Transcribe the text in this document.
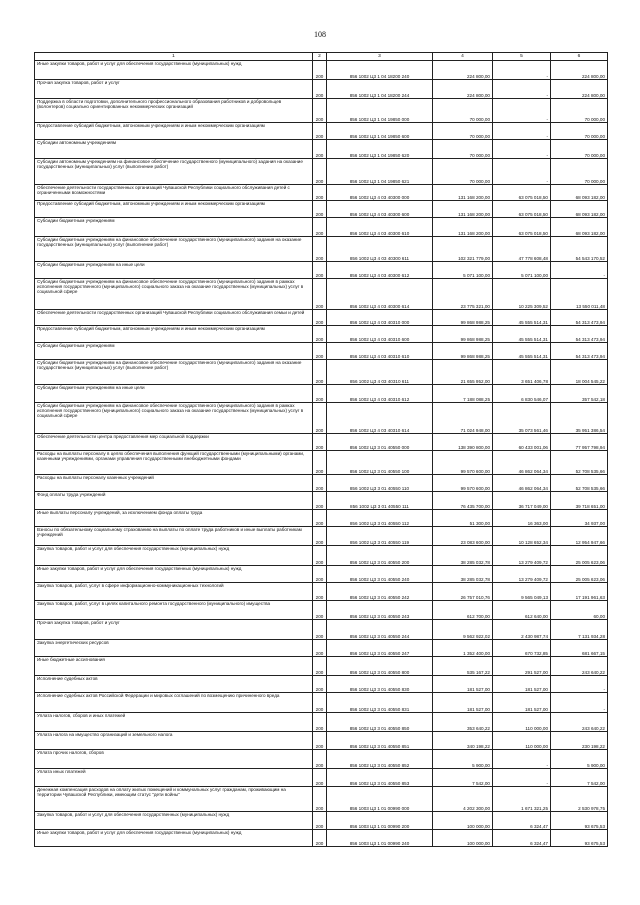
108
1	2	3	4	5	6

Иные закупки товаров, работ и услуг для обеспечения государственных (муниципальных) нужд	200	856 1002 Ц3 1 04 18200 240	224 800,00	-	224 800,00

Прочая закупка товаров, работ и услуг	200	856 1002 Ц3 1 04 18200 244	224 800,00	-	224 800,00

Поддержка в области подготовки, дополнительного профессионального образования работников и добровольцев (волонтеров) социально ориентированных некоммерческих организаций	200	856 1002 Ц3 1 04 19850 000	70 000,00	-	70 000,00

Предоставление субсидий бюджетным, автономным учреждениям и иным некоммерческим организациям	200	856 1002 Ц3 1 04 19850 600	70 000,00	-	70 000,00

Субсидии автономным учреждениям	200	856 1002 Ц3 1 04 19850 620	70 000,00	-	70 000,00

Субсидии автономным учреждениям на финансовое обеспечение государственного (муниципального) задания на оказание государственных (муниципальных) услуг (выполнение работ)	200	856 1002 Ц3 1 04 19850 621	70 000,00	-	70 000,00

Обеспечение деятельности государственных организаций Чувашской Республики социального обслуживания детей с ограниченными возможностями	200	856 1002 Ц3 4 03 40300 000	131 168 200,00	63 075 018,50	68 093 182,00

Предоставление субсидий бюджетным, автономным учреждениям и иным некоммерческим организациям	200	856 1002 Ц3 4 03 40300 600	131 168 200,00	63 075 018,50	68 093 182,00

Субсидии бюджетным учреждениям	200	856 1002 Ц3 4 03 40300 610	131 168 200,00	63 075 018,50	68 093 182,00

Субсидии бюджетным учреждениям на финансовое обеспечение государственного (муниципального) задания на оказание государственных (муниципальных) услуг (выполнение работ)	200	856 1002 Ц3 4 03 40300 611	102 321 779,00	47 778 608,48	54 543 170,52

Субсидии бюджетным учреждениям на иные цели	200	856 1002 Ц3 4 03 40300 612	5 071 100,00	5 071 100,00	-

Субсидии бюджетным учреждениям на финансовое обеспечение государственного (муниципального) задания в рамках исполнения государственного (муниципального) социального заказа на оказание государственных (муниципальных) услуг в социальной сфере	200	856 1002 Ц3 4 03 40300 614	23 775 321,00	10 225 309,52	13 550 011,48

Обеспечение деятельности государственных организаций Чувашской Республики социального обслуживания семьи и детей	200	856 1002 Ц3 4 03 40310 000	99 868 988,25	45 555 514,31	54 313 473,94

Предоставление субсидий бюджетным, автономным учреждениям и иным некоммерческим организациям	200	856 1002 Ц3 4 03 40310 600	99 868 988,25	45 555 514,31	54 313 473,94

Субсидии бюджетным учреждениям	200	856 1002 Ц3 4 03 40310 610	99 868 988,25	45 555 514,31	54 313 473,94

Субсидии бюджетным учреждениям на финансовое обеспечение государственного (муниципального) задания на оказание государственных (муниципальных) услуг (выполнение работ)	200	856 1002 Ц3 4 03 40310 611	21 655 952,00	3 651 406,78	18 004 545,22

Субсидии бюджетным учреждениям на иные цели	200	856 1002 Ц3 4 03 40310 612	7 188 088,25	6 830 546,07	357 542,18

Субсидии бюджетным учреждениям на финансовое обеспечение государственного (муниципального) задания в рамках исполнения государственного (муниципального) социального заказа на оказание государственных (муниципальных) услуг в социальной сфере	200	856 1002 Ц3 4 03 40310 614	71 024 948,00	35 073 561,46	35 951 386,54

Обеспечение деятельности центра предоставления мер социальной поддержки	200	856 1002 Ц3 3 01 40550 000	138 390 800,00	60 433 001,06	77 957 798,94

Расходы на выплаты персоналу в целях обеспечения выполнения функций государственными (муниципальными) органами, казенными учреждениями, органами управления государственными внебюджетными фондами	200	856 1002 Ц3 3 01 40550 100	99 570 600,00	46 862 064,34	52 708 535,66

Расходы на выплаты персоналу казенных учреждений	200	856 1002 Ц3 3 01 40550 110	99 570 600,00	46 862 064,34	52 708 535,66

Фонд оплаты труда учреждений	200	856 1002 Ц3 3 01 40550 111	76 435 700,00	36 717 049,00	39 718 651,00

Иные выплаты персоналу учреждений, за исключением фонда оплаты труда	200	856 1002 Ц3 3 01 40550 112	51 300,00	16 363,00	34 937,00

Взносы по обязательному социальному страхованию на выплаты по оплате труда работников и иные выплаты работникам учреждений	200	856 1002 Ц3 3 01 40550 119	23 083 600,00	10 128 652,34	12 954 947,66

Закупка товаров, работ и услуг для обеспечения государственных (муниципальных) нужд	200	856 1002 Ц3 3 01 40550 200	38 285 032,78	13 279 409,72	25 005 623,06

Иные закупки товаров, работ и услуг для обеспечения государственных (муниципальных) нужд	200	856 1002 Ц3 3 01 40550 240	38 285 032,78	13 279 409,72	25 005 623,06

Закупка товаров, работ, услуг в сфере информационно-коммуникационных технологий	200	856 1002 Ц3 3 01 40550 242	26 757 010,76	9 565 049,13	17 191 961,63

Закупка товаров, работ, услуг в целях капитального ремонта государственного (муниципального) имущества	200	856 1002 Ц3 3 01 40550 243	612 700,00	612 640,00	60,00

Прочая закупка товаров, работ и услуг	200	856 1002 Ц3 3 01 40550 244	9 562 922,02	2 430 987,74	7 131 934,28

Закупка энергетических ресурсов	200	856 1002 Ц3 3 01 40550 247	1 352 400,00	670 732,85	681 667,15

Иные бюджетные ассигнования	200	856 1002 Ц3 3 01 40550 800	535 167,22	291 527,00	243 640,22

Исполнение судебных актов	200	856 1002 Ц3 3 01 40550 830	181 527,00	181 527,00	-

Исполнение судебных актов Российской Федерации и мировых соглашений по возмещению причиненного вреда	200	856 1002 Ц3 3 01 40550 831	181 527,00	181 527,00	-

Уплата налогов, сборов и иных платежей	200	856 1002 Ц3 3 01 40550 850	353 640,22	110 000,00	243 640,22

Уплата налога на имущество организаций и земельного налога	200	856 1002 Ц3 3 01 40550 851	340 198,22	110 000,00	230 198,22

Уплата прочих налогов, сборов	200	856 1002 Ц3 3 01 40550 852	5 900,00	-	5 900,00

Уплата иных платежей	200	856 1002 Ц3 3 01 40550 853	7 542,00	-	7 542,00

Денежная компенсация расходов на оплату жилых помещений и коммунальных услуг гражданам, проживающим на территории Чувашской Республики, имеющим статус "дети войны"	200	856 1003 Ц3 1 01 00990 000	4 202 300,00	1 671 321,25	2 530 978,75

Закупка товаров, работ и услуг для обеспечения государственных (муниципальных) нужд	200	856 1003 Ц3 1 01 00990 200	100 000,00	6 324,47	93 675,53

Иные закупки товаров, работ и услуг для обеспечения государственных (муниципальных) нужд	200	856 1003 Ц3 1 01 00990 240	100 000,00	6 324,47	93 675,53
